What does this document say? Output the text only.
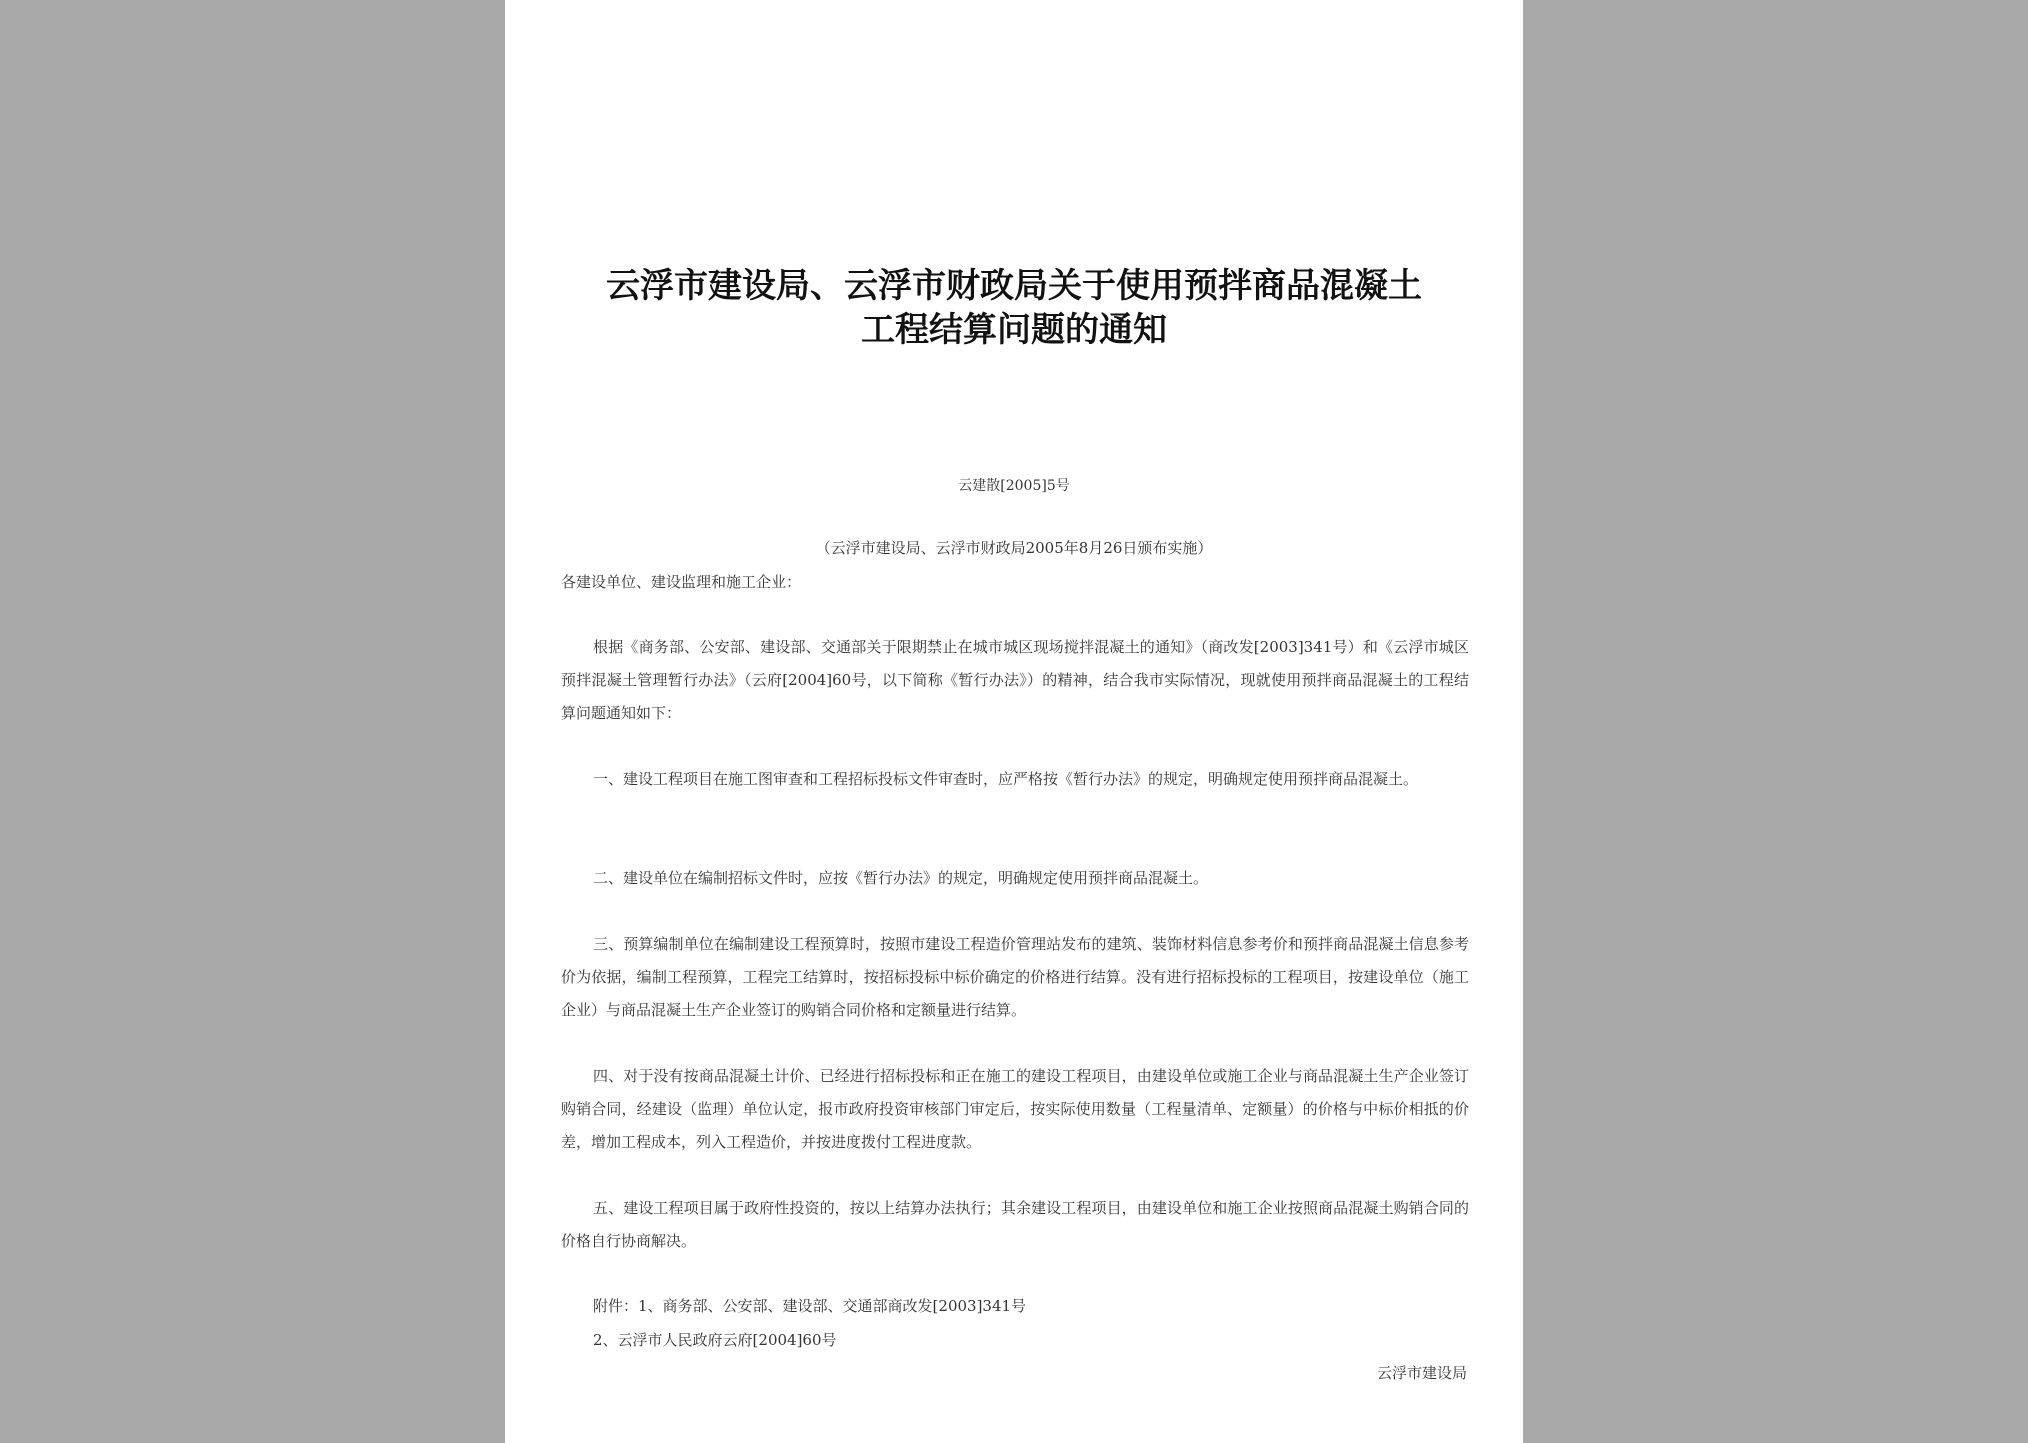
云浮市建设局、云浮市财政局关于使用预拌商品混凝土
工程结算问题的通知
云建散[2005]5号
（云浮市建设局、云浮市财政局2005年8月26日颁布实施）
各建设单位、建设监理和施工企业：
根据《商务部、公安部、建设部、交通部关于限期禁止在城市城区现场搅拌混凝土的通知》（商改发[2003]341号）和《云浮市城区预拌混凝土管理暂行办法》（云府[2004]60号，以下简称《暂行办法》）的精神，结合我市实际情况，现就使用预拌商品混凝土的工程结算问题通知如下：
一、建设工程项目在施工图审查和工程招标投标文件审查时，应严格按《暂行办法》的规定，明确规定使用预拌商品混凝土。
二、建设单位在编制招标文件时，应按《暂行办法》的规定，明确规定使用预拌商品混凝土。
三、预算编制单位在编制建设工程预算时，按照市建设工程造价管理站发布的建筑、装饰材料信息参考价和预拌商品混凝土信息参考价为依据，编制工程预算，工程完工结算时，按招标投标中标价确定的价格进行结算。没有进行招标投标的工程项目，按建设单位（施工企业）与商品混凝土生产企业签订的购销合同价格和定额量进行结算。
四、对于没有按商品混凝土计价、已经进行招标投标和正在施工的建设工程项目，由建设单位或施工企业与商品混凝土生产企业签订购销合同，经建设（监理）单位认定，报市政府投资审核部门审定后，按实际使用数量（工程量清单、定额量）的价格与中标价相抵的价差，增加工程成本，列入工程造价，并按进度拨付工程进度款。
五、建设工程项目属于政府性投资的，按以上结算办法执行；其余建设工程项目，由建设单位和施工企业按照商品混凝土购销合同的价格自行协商解决。
附件：1、商务部、公安部、建设部、交通部商改发[2003]341号
2、云浮市人民政府云府[2004]60号
云浮市建设局
